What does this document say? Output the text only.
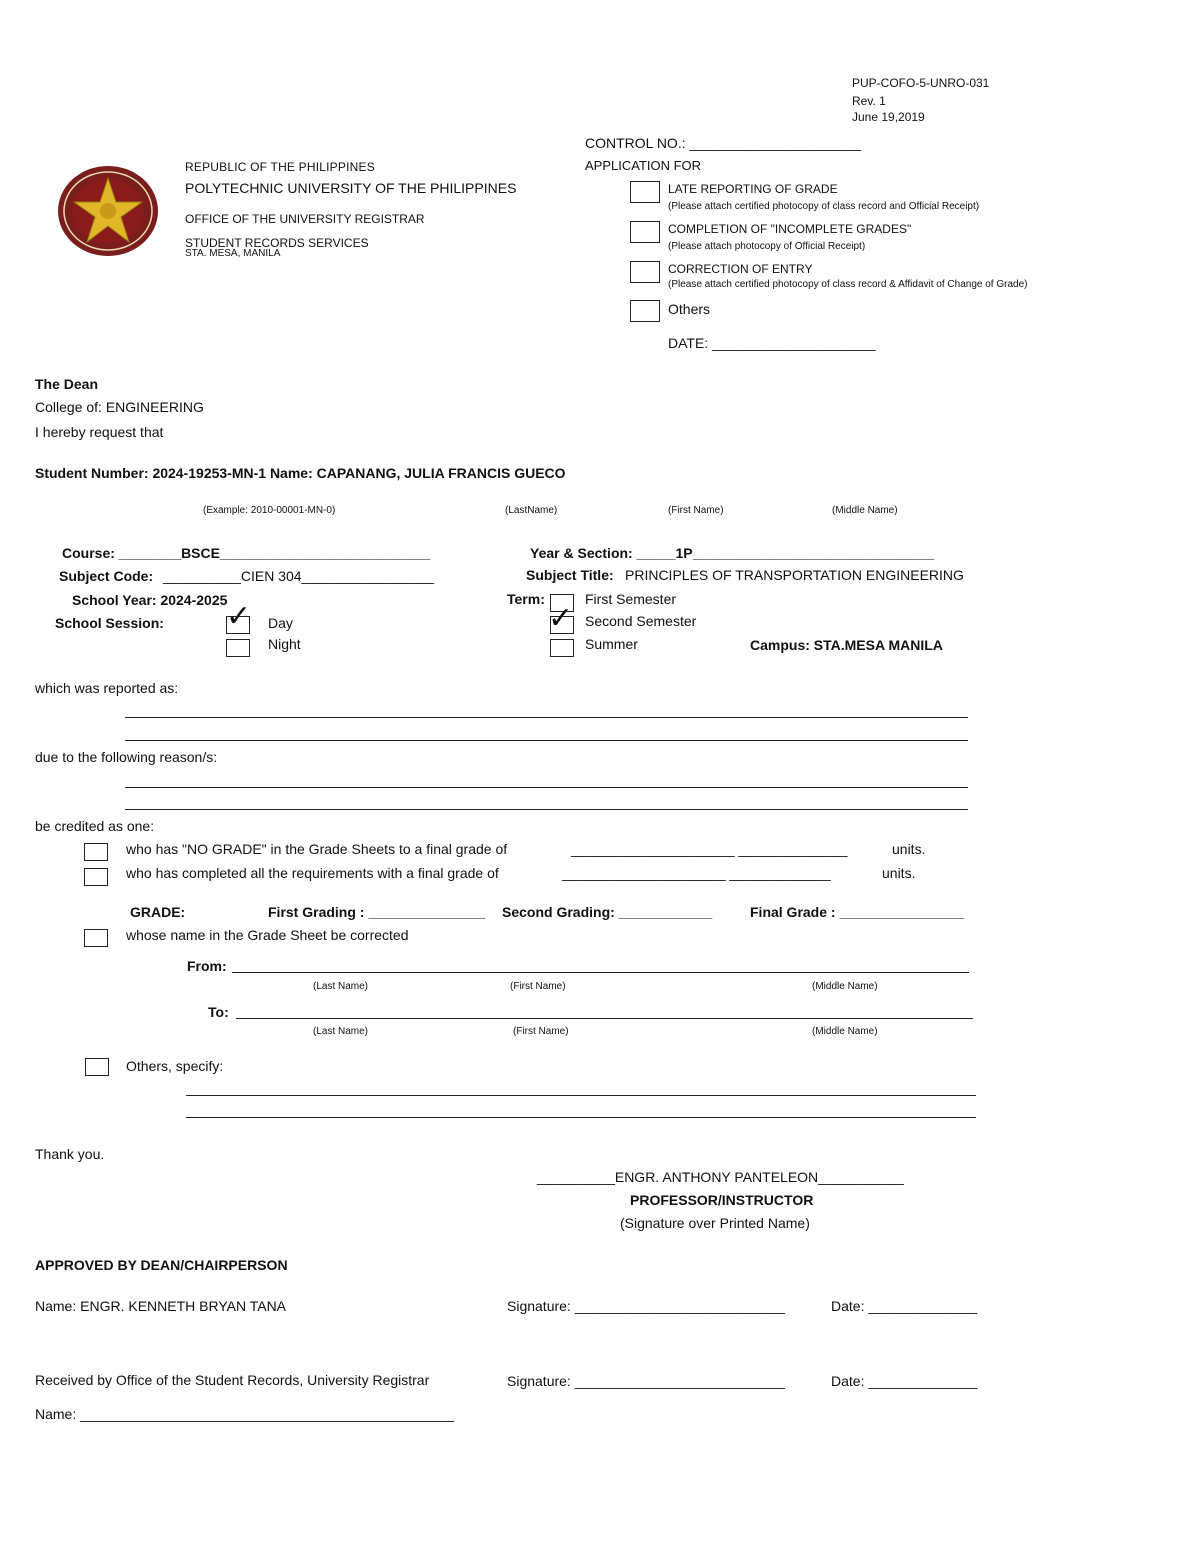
PUP-COFO-5-UNRO-031
Rev. 1
June 19,2019
REPUBLIC OF THE PHILIPPINES
POLYTECHNIC UNIVERSITY OF THE PHILIPPINES
OFFICE OF THE UNIVERSITY REGISTRAR
STUDENT RECORDS SERVICES
STA. MESA, MANILA
CONTROL NO.: ______________________
APPLICATION FOR
LATE REPORTING OF GRADE
(Please attach certified photocopy of class record and Official Receipt)
COMPLETION OF "INCOMPLETE GRADES"
(Please attach photocopy of Official Receipt)
CORRECTION OF ENTRY
(Please attach certified photocopy of class record & Affidavit of Change of Grade)
Others
DATE: _____________________
The Dean
College of: ENGINEERING
I hereby request that
Student Number: 2024-19253-MN-1 Name: CAPANANG, JULIA FRANCIS GUECO
(Example: 2010-00001-MN-0)	(LastName)	(First Name)	(Middle Name)
Course: ________BSCE___________________________	Year & Section: _____1P_______________________________
Subject Code: __________CIEN 304_________________	Subject Title: PRINCIPLES OF TRANSPORTATION ENGINEERING
School Year: 2024-2025	Term:	First Semester
✓ Second Semester
Summer
School Session: ✓ Day
Night	Campus: STA.MESA MANILA
which was reported as:
due to the following reason/s:
be credited as one:
who has "NO GRADE" in the Grade Sheets to a final grade of	_____________________ ______________	units.
who has completed all the requirements with a final grade of	_____________________ _____________	units.
GRADE:	First Grading : _______________ Second Grading: ____________	Final Grade : ________________
whose name in the Grade Sheet be corrected
From:
(Last Name)	(First Name)	(Middle Name)
To:
(Last Name)	(First Name)	(Middle Name)
Others, specify:
Thank you.
__________ENGR. ANTHONY PANTELEON___________
PROFESSOR/INSTRUCTOR
(Signature over Printed Name)
APPROVED BY DEAN/CHAIRPERSON
Name: ENGR. KENNETH BRYAN TANA	Signature: ___________________________	Date: ______________
Received by Office of the Student Records, University Registrar	Signature: ___________________________	Date: ______________
Name: ________________________________________________
